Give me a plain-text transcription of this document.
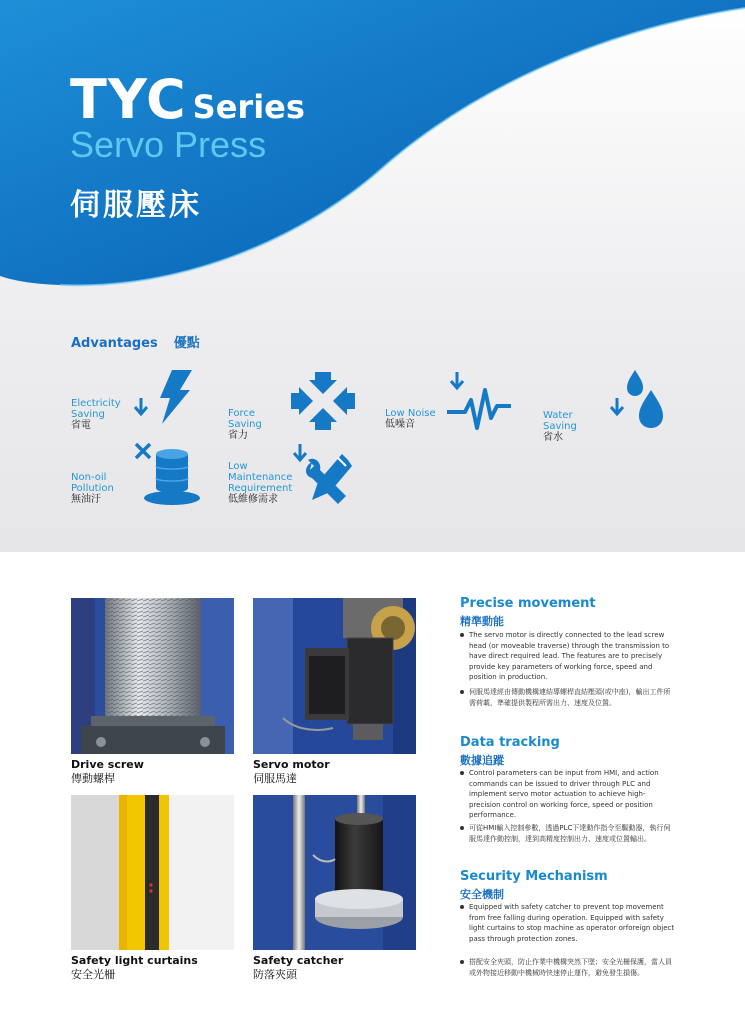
TYC Series
Servo Press
伺服壓床
Advantages 優點
Electricity Saving
省電
Force Saving
省力
Low Noise
低噪音
Water Saving
省水
Non-oil Pollution
無油汙
Low Maintenance Requirement
低維修需求
Drive screw
傳動螺桿
Servo motor
伺服馬達
Safety light curtains
安全光柵
Safety catcher
防落夾頭
Precise movement
精準動能
The servo motor is directly connected to the lead screw head (or moveable traverse) through the transmission to have direct required lead. The features are to precisely provide key parameters of working force, speed and position in production.
伺服馬達經由傳動機構連結導螺桿直結壓頭(或中座)，輸出工件所需荷載，準確提供製程所需出力、速度及位置。
Data tracking
數據追蹤
Control parameters can be input from HMI, and action commands can be issued to driver through PLC and implement servo motor actuation to achieve high-precision control on working force, speed or position performance.
可從HMI輸入控制參數，透過PLC下達動作指令至驅動器，執行伺服馬達作動控制，達到高精度控制出力、速度或位置輸出。
Security Mechanism
安全機制
Equipped with safety catcher to prevent top movement from free falling during operation. Equipped with safety light curtains to stop machine as operator orforeign object pass through protection zones.
搭配安全夾頭，防止作業中機構突然下墜；安全光柵保護，當人員或外物接近移動中機械時快速停止運作，避免發生損傷。
